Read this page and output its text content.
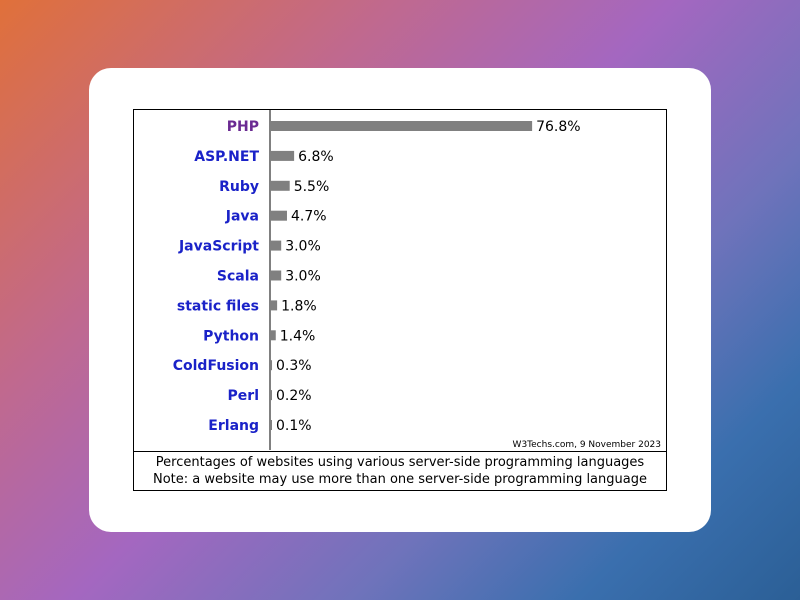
PHP	76.8%
ASP.NET	6.8%
Ruby 5.5%
Java 4.7%
JavaScript 3.0%
Scala 3.0%
static files 1.8%
Python 1.4%
ColdFusion 0.3%
Perl 0.2%
Erlang 0.1%
W3Techs.com, 9 November 2023
Percentages of websites using various server-side programming languages
Note: a website may use more than one server-side programming language
